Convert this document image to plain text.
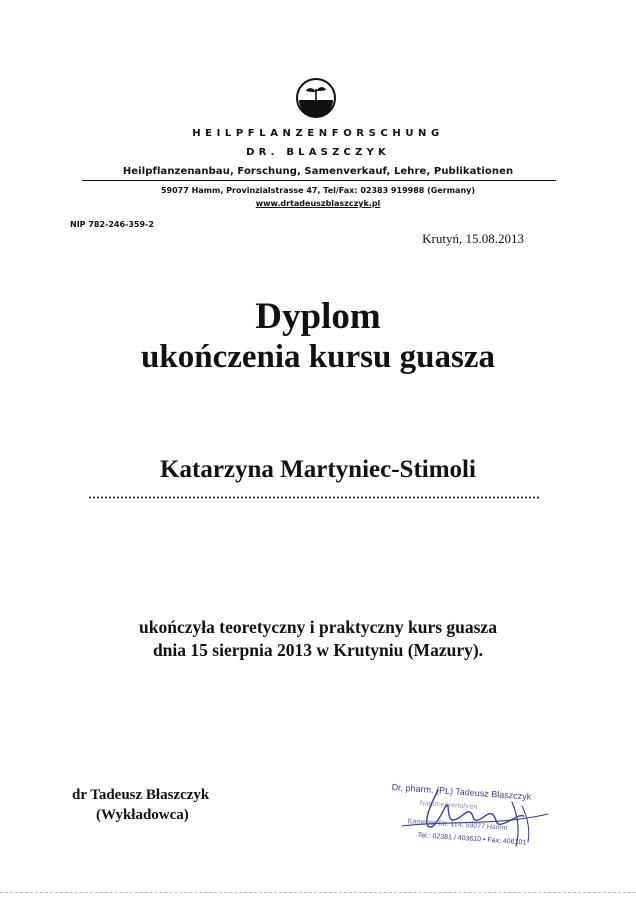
HEILPFLANZENFORSCHUNG
DR. BLASZCZYK
Heilpflanzenanbau, Forschung, Samenverkauf, Lehre, Publikationen
59077 Hamm, Provinzialstrasse 47, Tel/Fax: 02383 919988 (Germany)
www.drtadeuszblaszczyk.pl
NIP 782-246-359-2
Krutyń, 15.08.2013
Dyplom
ukończenia kursu guasza
Katarzyna Martyniec-Stimoli
ukończyła teoretyczny i praktyczny kurs guasza
dnia 15 sierpnia 2013 w Krutyniu (Mazury).
dr Tadeusz Błaszczyk
(Wykładowca)
Dr. pharm. (PL) Tadeusz Blaszczyk
Naturheilverfahren
Kamener Str. 114, 59077 Hamm
Tel.: 02381 / 403610 • Fax: 406101
